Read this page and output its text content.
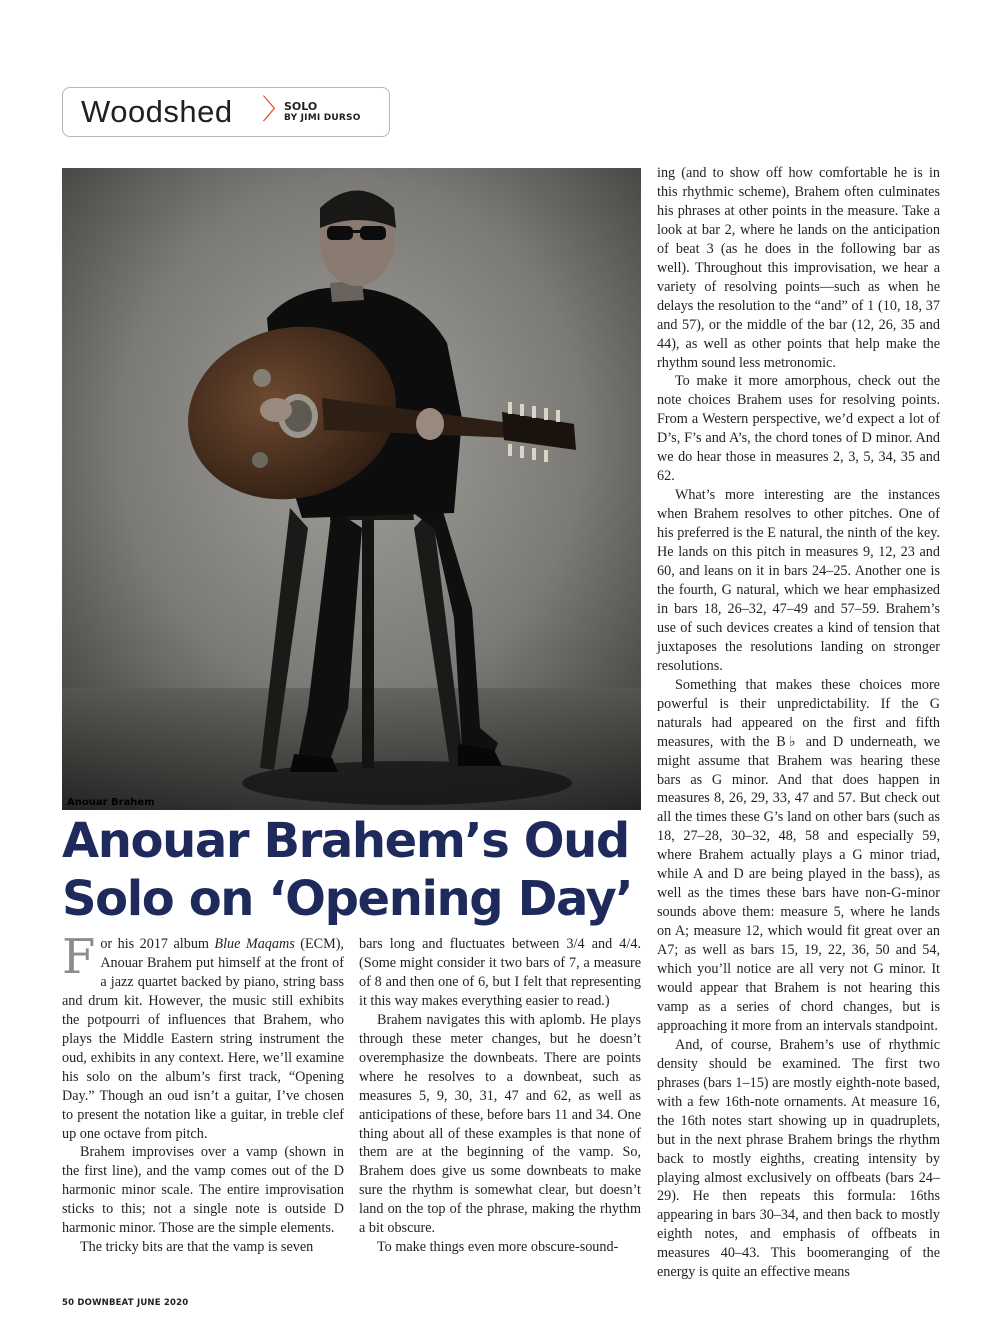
Woodshed 〉
SOLO
BY JIMI DURSO
Anouar Brahem
Anouar Brahem’s Oud
Solo on ‘Opening Day’

For his 2017 album Blue Maqams (ECM), Anouar Brahem put himself at the front of a jazz quartet backed by piano, string bass and drum kit. However, the music still exhibits the potpourri of influences that Brahem, who plays the Middle Eastern string instrument the oud, exhibits in any context. Here, we’ll examine his solo on the album’s first track, “Opening Day.” Though an oud isn’t a guitar, I’ve chosen to present the notation like a guitar, in treble clef up one octave from pitch.

Brahem improvises over a vamp (shown in the first line), and the vamp comes out of the D harmonic minor scale. The entire improvisation sticks to this; not a single note is outside D harmonic minor. Those are the simple elements.

The tricky bits are that the vamp is seven

bars long and fluctuates between 3/4 and 4/4. (Some might consider it two bars of 7, a measure of 8 and then one of 6, but I felt that representing it this way makes everything easier to read.)

Brahem navigates this with aplomb. He plays through these meter changes, but he doesn’t overemphasize the downbeats. There are points where he resolves to a downbeat, such as measures 5, 9, 30, 31, 47 and 62, as well as anticipations of these, before bars 11 and 34. One thing about all of these examples is that none of them are at the beginning of the vamp. So, Brahem does give us some downbeats to make sure the rhythm is somewhat clear, but doesn’t land on the top of the phrase, making the rhythm a bit obscure.

To make things even more obscure-sound-

ing (and to show off how comfortable he is in this rhythmic scheme), Brahem often culminates his phrases at other points in the measure. Take a look at bar 2, where he lands on the anticipation of beat 3 (as he does in the following bar as well). Throughout this improvisation, we hear a variety of resolving points—such as when he delays the resolution to the “and” of 1 (10, 18, 37 and 57), or the middle of the bar (12, 26, 35 and 44), as well as other points that help make the rhythm sound less metronomic.

To make it more amorphous, check out the note choices Brahem uses for resolving points. From a Western perspective, we’d expect a lot of D’s, F’s and A’s, the chord tones of D minor. And we do hear those in measures 2, 3, 5, 34, 35 and 62.

What’s more interesting are the instances when Brahem resolves to other pitches. One of his preferred is the E natural, the ninth of the key. He lands on this pitch in measures 9, 12, 23 and 60, and leans on it in bars 24–25. Another one is the fourth, G natural, which we hear emphasized in bars 18, 26–32, 47–49 and 57–59. Brahem’s use of such devices creates a kind of tension that juxtaposes the resolutions landing on stronger resolutions.

Something that makes these choices more powerful is their unpredictability. If the G naturals had appeared on the first and fifth measures, with the B♭ and D underneath, we might assume that Brahem was hearing these bars as G minor. And that does happen in measures 8, 26, 29, 33, 47 and 57. But check out all the times these G’s land on other bars (such as 18, 27–28, 30–32, 48, 58 and especially 59, where Brahem actually plays a G minor triad, while A and D are being played in the bass), as well as the times these bars have non-G-minor sounds above them: measure 5, where he lands on A; measure 12, which would fit great over an A7; as well as bars 15, 19, 22, 36, 50 and 54, which you’ll notice are all very not G minor. It would appear that Brahem is not hearing this vamp as a series of chord changes, but is approaching it more from an intervals standpoint.

And, of course, Brahem’s use of rhythmic density should be examined. The first two phrases (bars 1–15) are mostly eighth-note based, with a few 16th-note ornaments. At measure 16, the 16th notes start showing up in quadruplets, but in the next phrase Brahem brings the rhythm back to mostly eighths, creating intensity by playing almost exclusively on offbeats (bars 24–29). He then repeats this formula: 16ths appearing in bars 30–34, and then back to mostly eighth notes, and emphasis of offbeats in measures 40–43. This boomeranging of the energy is quite an effective means

50 DOWNBEAT JUNE 2020
